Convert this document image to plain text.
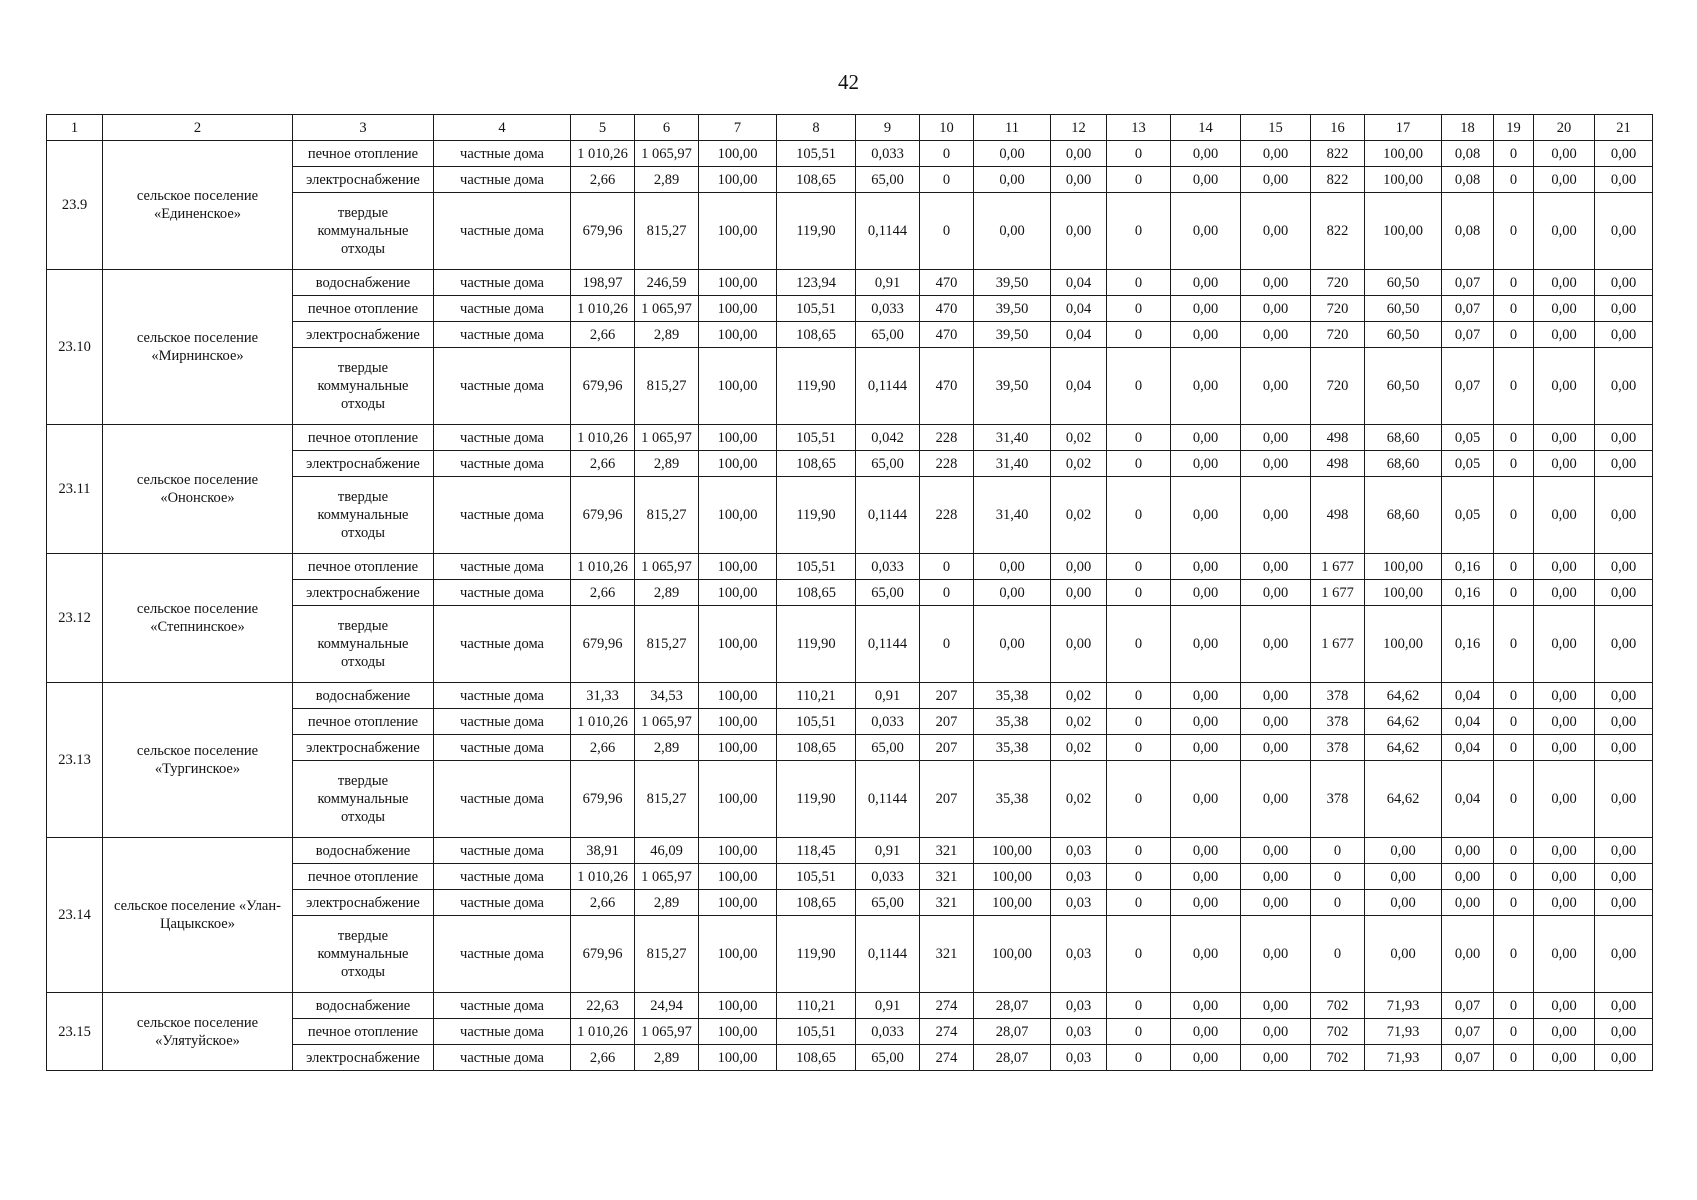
42
1	2	3	4	5	6	7	8	9	10	11	12	13	14	15	16	17	18	19	20	21
23.9	сельское поселение «Единенское»	печное отопление	частные дома	1 010,26	1 065,97	100,00	105,51	0,033	0	0,00	0,00	0	0,00	0,00	822	100,00	0,08	0	0,00	0,00
		электроснабжение	частные дома	2,66	2,89	100,00	108,65	65,00	0	0,00	0,00	0	0,00	0,00	822	100,00	0,08	0	0,00	0,00
		твердые коммунальные отходы	частные дома	679,96	815,27	100,00	119,90	0,1144	0	0,00	0,00	0	0,00	0,00	822	100,00	0,08	0	0,00	0,00
23.10	сельское поселение «Мирнинское»	водоснабжение	частные дома	198,97	246,59	100,00	123,94	0,91	470	39,50	0,04	0	0,00	0,00	720	60,50	0,07	0	0,00	0,00
		печное отопление	частные дома	1 010,26	1 065,97	100,00	105,51	0,033	470	39,50	0,04	0	0,00	0,00	720	60,50	0,07	0	0,00	0,00
		электроснабжение	частные дома	2,66	2,89	100,00	108,65	65,00	470	39,50	0,04	0	0,00	0,00	720	60,50	0,07	0	0,00	0,00
		твердые коммунальные отходы	частные дома	679,96	815,27	100,00	119,90	0,1144	470	39,50	0,04	0	0,00	0,00	720	60,50	0,07	0	0,00	0,00
23.11	сельское поселение «Ононское»	печное отопление	частные дома	1 010,26	1 065,97	100,00	105,51	0,042	228	31,40	0,02	0	0,00	0,00	498	68,60	0,05	0	0,00	0,00
		электроснабжение	частные дома	2,66	2,89	100,00	108,65	65,00	228	31,40	0,02	0	0,00	0,00	498	68,60	0,05	0	0,00	0,00
		твердые коммунальные отходы	частные дома	679,96	815,27	100,00	119,90	0,1144	228	31,40	0,02	0	0,00	0,00	498	68,60	0,05	0	0,00	0,00
23.12	сельское поселение «Степнинское»	печное отопление	частные дома	1 010,26	1 065,97	100,00	105,51	0,033	0	0,00	0,00	0	0,00	0,00	1 677	100,00	0,16	0	0,00	0,00
		электроснабжение	частные дома	2,66	2,89	100,00	108,65	65,00	0	0,00	0,00	0	0,00	0,00	1 677	100,00	0,16	0	0,00	0,00
		твердые коммунальные отходы	частные дома	679,96	815,27	100,00	119,90	0,1144	0	0,00	0,00	0	0,00	0,00	1 677	100,00	0,16	0	0,00	0,00
23.13	сельское поселение «Тургинское»	водоснабжение	частные дома	31,33	34,53	100,00	110,21	0,91	207	35,38	0,02	0	0,00	0,00	378	64,62	0,04	0	0,00	0,00
		печное отопление	частные дома	1 010,26	1 065,97	100,00	105,51	0,033	207	35,38	0,02	0	0,00	0,00	378	64,62	0,04	0	0,00	0,00
		электроснабжение	частные дома	2,66	2,89	100,00	108,65	65,00	207	35,38	0,02	0	0,00	0,00	378	64,62	0,04	0	0,00	0,00
		твердые коммунальные отходы	частные дома	679,96	815,27	100,00	119,90	0,1144	207	35,38	0,02	0	0,00	0,00	378	64,62	0,04	0	0,00	0,00
23.14	сельское поселение «Улан-Цацыкское»	водоснабжение	частные дома	38,91	46,09	100,00	118,45	0,91	321	100,00	0,03	0	0,00	0,00	0	0,00	0,00	0	0,00	0,00
		печное отопление	частные дома	1 010,26	1 065,97	100,00	105,51	0,033	321	100,00	0,03	0	0,00	0,00	0	0,00	0,00	0	0,00	0,00
		электроснабжение	частные дома	2,66	2,89	100,00	108,65	65,00	321	100,00	0,03	0	0,00	0,00	0	0,00	0,00	0	0,00	0,00
		твердые коммунальные отходы	частные дома	679,96	815,27	100,00	119,90	0,1144	321	100,00	0,03	0	0,00	0,00	0	0,00	0,00	0	0,00	0,00
23.15	сельское поселение «Улятуйское»	водоснабжение	частные дома	22,63	24,94	100,00	110,21	0,91	274	28,07	0,03	0	0,00	0,00	702	71,93	0,07	0	0,00	0,00
		печное отопление	частные дома	1 010,26	1 065,97	100,00	105,51	0,033	274	28,07	0,03	0	0,00	0,00	702	71,93	0,07	0	0,00	0,00
		электроснабжение	частные дома	2,66	2,89	100,00	108,65	65,00	274	28,07	0,03	0	0,00	0,00	702	71,93	0,07	0	0,00	0,00
